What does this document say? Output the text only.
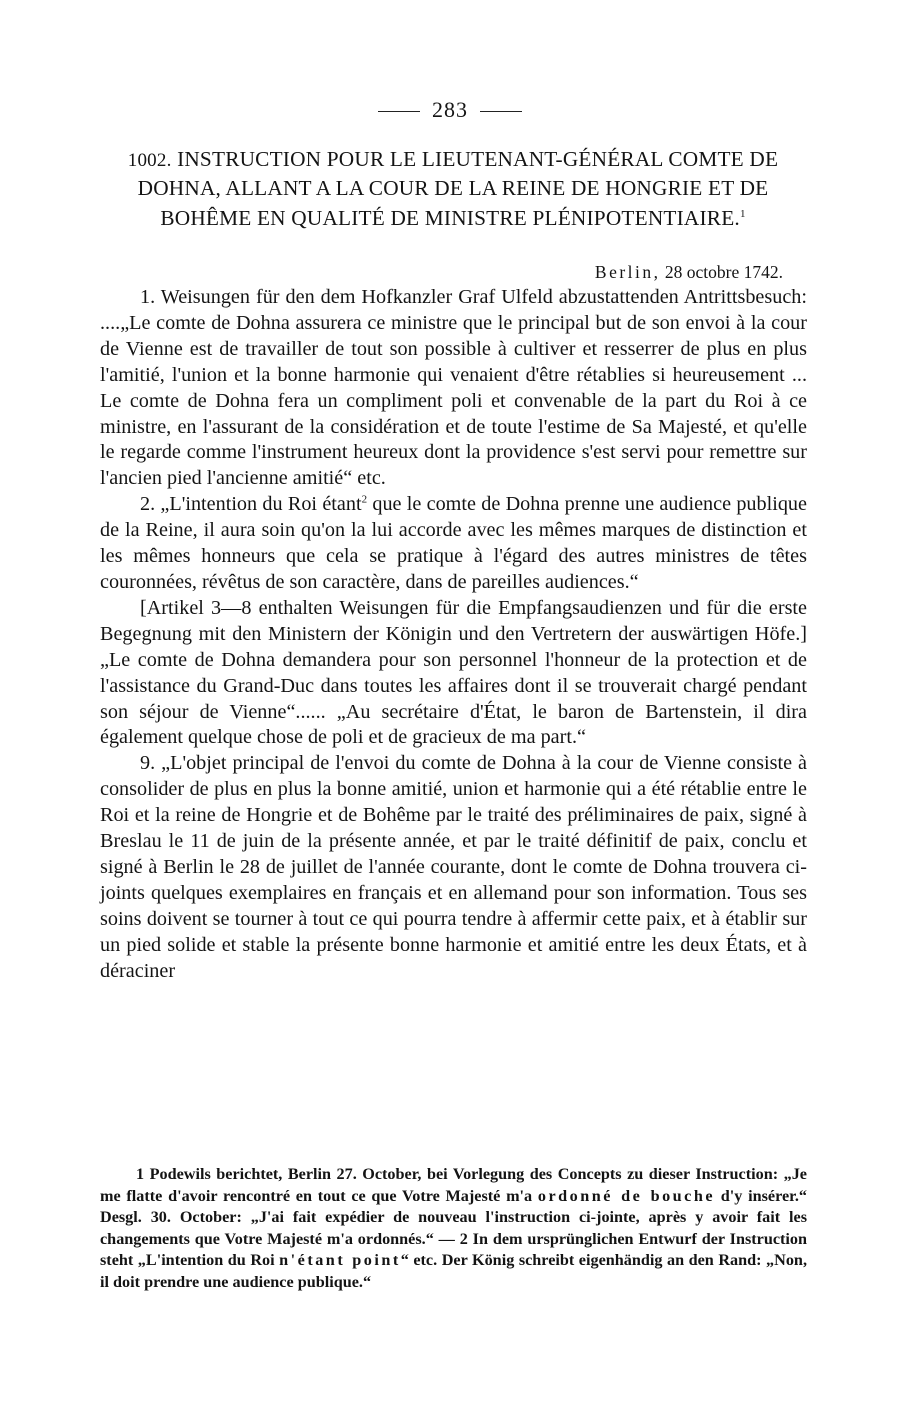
283
1002. INSTRUCTION POUR LE LIEUTENANT-GÉNÉRAL COMTE DE DOHNA, ALLANT A LA COUR DE LA REINE DE HONGRIE ET DE BOHÊME EN QUALITÉ DE MINISTRE PLÉNIPOTENTIAIRE.$^1$
Berlin, 28 octobre 1742.

1. Weisungen für den dem Hofkanzler Graf Ulfeld abzustattenden Antrittsbesuch: ....„Le comte de Dohna assurera ce ministre que le principal but de son envoi à la cour de Vienne est de travailler de tout son possible à cultiver et resserrer de plus en plus l'amitié, l'union et la bonne harmonie qui venaient d'être rétablies si heureusement ... Le comte de Dohna fera un compliment poli et convenable de la part du Roi à ce ministre, en l'assurant de la considération et de toute l'estime de Sa Majesté, et qu'elle le regarde comme l'instrument heureux dont la providence s'est servi pour remettre sur l'ancien pied l'ancienne amitié“ etc.

2. „L'intention du Roi étant$^2$ que le comte de Dohna prenne une audience publique de la Reine, il aura soin qu'on la lui accorde avec les mêmes marques de distinction et les mêmes honneurs que cela se pratique à l'égard des autres ministres de têtes couronnées, révêtus de son caractère, dans de pareilles audiences.“

[Artikel 3—8 enthalten Weisungen für die Empfangsaudienzen und für die erste Begegnung mit den Ministern der Königin und den Vertretern der auswärtigen Höfe.] „Le comte de Dohna demandera pour son personnel l'honneur de la protection et de l'assistance du Grand-Duc dans toutes les affaires dont il se trouverait chargé pendant son séjour de Vienne“...... „Au secrétaire d'État, le baron de Bartenstein, il dira également quelque chose de poli et de gracieux de ma part.“

9. „L'objet principal de l'envoi du comte de Dohna à la cour de Vienne consiste à consolider de plus en plus la bonne amitié, union et harmonie qui a été rétablie entre le Roi et la reine de Hongrie et de Bohême par le traité des préliminaires de paix, signé à Breslau le 11 de juin de la présente année, et par le traité définitif de paix, conclu et signé à Berlin le 28 de juillet de l'année courante, dont le comte de Dohna trouvera ci-joints quelques exemplaires en français et en allemand pour son information. Tous ses soins doivent se tourner à tout ce qui pourra tendre à affermir cette paix, et à établir sur un pied solide et stable la présente bonne harmonie et amitié entre les deux États, et à déraciner

1 Podewils berichtet, Berlin 27. October, bei Vorlegung des Concepts zu dieser Instruction: „Je me flatte d'avoir rencontré en tout ce que Votre Majesté m'a ordonné de bouche d'y insérer.“ Desgl. 30. October: „J'ai fait expédier de nouveau l'instruction ci-jointe, après y avoir fait les changements que Votre Majesté m'a ordonnés.“ — 2 In dem ursprünglichen Entwurf der Instruction steht „L'intention du Roi n'étant point“ etc. Der König schreibt eigenhändig an den Rand: „Non, il doit prendre une audience publique.“
